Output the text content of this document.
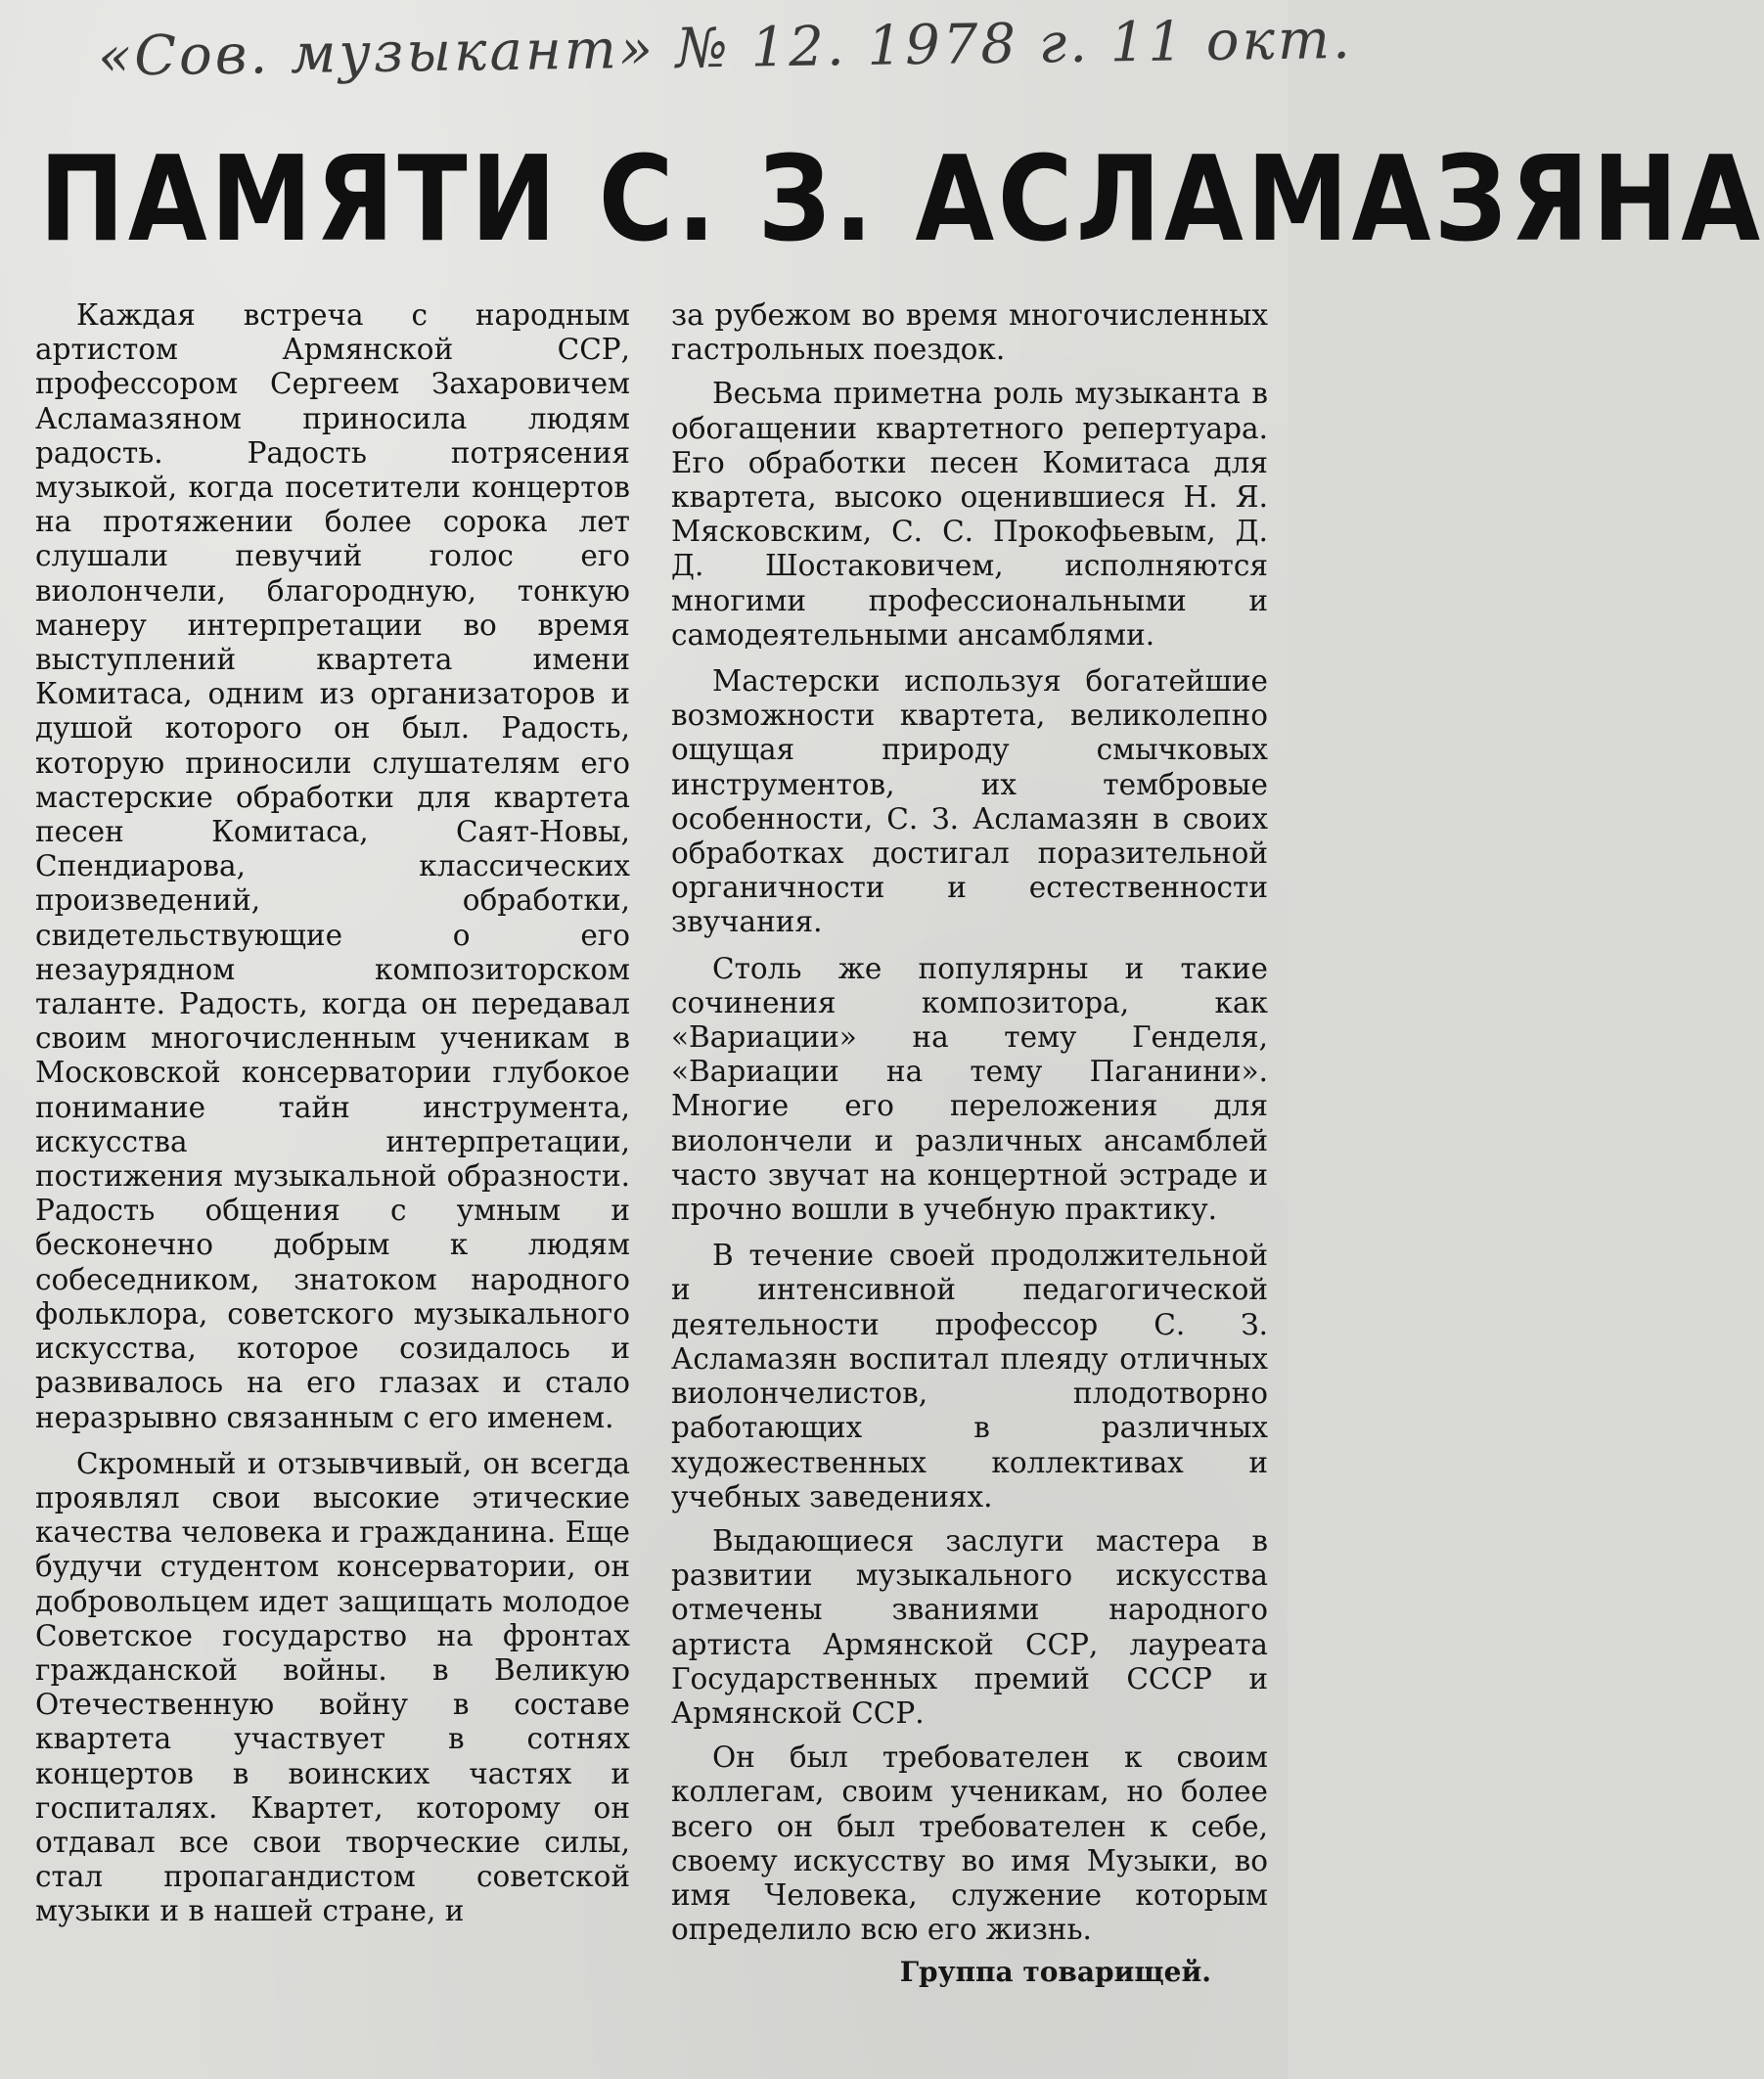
«Сов. музыкант» № 12. 1978 г. 11 окт.
ПАМЯТИ С. З. АСЛАМАЗЯНА

Каждая встреча с народным артистом Армянской ССР, профессором Сергеем Захаровичем Асламазяном приносила людям радость. Радость потрясения музыкой, когда посетители концертов на протяжении более сорока лет слушали певучий голос его виолончели, благородную, тонкую манеру интерпретации во время выступлений квартета имени Комитаса, одним из организаторов и душой которого он был. Радость, которую приносили слушателям его мастерские обработки для квартета песен Комитаса, Саят-Новы, Спендиарова, классических произведений, обработки, свидетельствующие о его незаурядном композиторском таланте. Радость, когда он передавал своим многочисленным ученикам в Московской консерватории глубокое понимание тайн инструмента, искусства интерпретации, постижения музыкальной образности. Радость общения с умным и бесконечно добрым к людям собеседником, знатоком народного фольклора, советского музыкального искусства, которое созидалось и развивалось на его глазах и стало неразрывно связанным с его именем.

Скромный и отзывчивый, он всегда проявлял свои высокие этические качества человека и гражданина. Еще будучи студентом консерватории, он добровольцем идет защищать молодое Советское государство на фронтах гражданской войны. в Великую Отечественную войну в составе квартета участвует в сотнях концертов в воинских частях и госпиталях. Квартет, которому он отдавал все свои творческие силы, стал пропагандистом советской музыки и в нашей стране, и

за рубежом во время многочисленных гастрольных поездок.

Весьма приметна роль музыканта в обогащении квартетного репертуара. Его обработки песен Комитаса для квартета, высоко оценившиеся Н. Я. Мясковским, С. С. Прокофьевым, Д. Д. Шостаковичем, исполняются многими профессиональными и самодеятельными ансамблями.

Мастерски используя богатейшие возможности квартета, великолепно ощущая природу смычковых инструментов, их тембровые особенности, С. З. Асламазян в своих обработках достигал поразительной органичности и естественности звучания.

Столь же популярны и такие сочинения композитора, как «Вариации» на тему Генделя, «Вариации на тему Паганини». Многие его переложения для виолончели и различных ансамблей часто звучат на концертной эстраде и прочно вошли в учебную практику.

В течение своей продолжительной и интенсивной педагогической деятельности профессор С. З. Асламазян воспитал плеяду отличных виолончелистов, плодотворно работающих в различных художественных коллективах и учебных заведениях.

Выдающиеся заслуги мастера в развитии музыкального искусства отмечены званиями народного артиста Армянской ССР, лауреата Государственных премий СССР и Армянской ССР.

Он был требователен к своим коллегам, своим ученикам, но более всего он был требователен к себе, своему искусству во имя Музыки, во имя Человека, служение которым определило всю его жизнь.

Группа товарищей.
